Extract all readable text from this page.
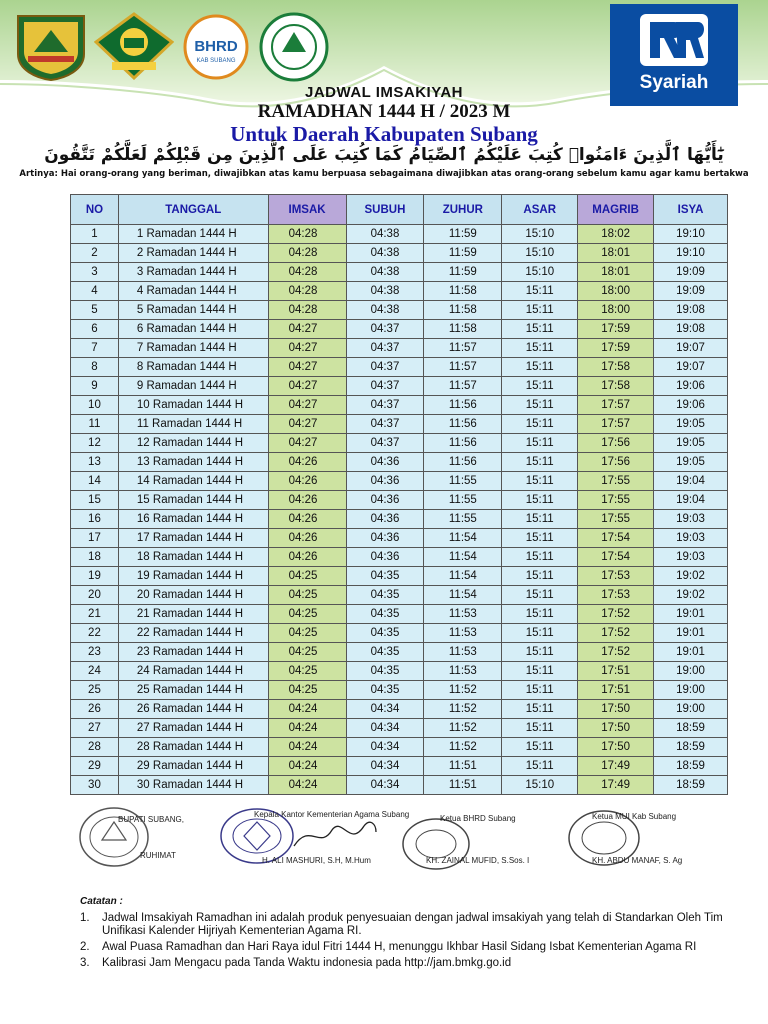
BHRD
KAB SUBANG
Syariah
JADWAL IMSAKIYAH
RAMADHAN 1444 H / 2023 M
Untuk Daerah Kabupaten Subang
يَٰٓأَيُّهَا ٱلَّذِينَ ءَامَنُوا۟ كُتِبَ عَلَيْكُمُ ٱلصِّيَامُ كَمَا كُتِبَ عَلَى ٱلَّذِينَ مِن قَبْلِكُمْ لَعَلَّكُمْ تَتَّقُونَ
Artinya: Hai orang-orang yang beriman, diwajibkan atas kamu berpuasa sebagaimana diwajibkan atas orang-orang sebelum kamu agar kamu bertakwa
NO	TANGGAL	IMSAK	SUBUH	ZUHUR	ASAR	MAGRIB	ISYA
1	1 Ramadan 1444 H	04:28	04:38	11:59	15:10	18:02	19:10
2	2 Ramadan 1444 H	04:28	04:38	11:59	15:10	18:01	19:10
3	3 Ramadan 1444 H	04:28	04:38	11:59	15:10	18:01	19:09
4	4 Ramadan 1444 H	04:28	04:38	11:58	15:11	18:00	19:09
5	5 Ramadan 1444 H	04:28	04:38	11:58	15:11	18:00	19:08
6	6 Ramadan 1444 H	04:27	04:37	11:58	15:11	17:59	19:08
7	7 Ramadan 1444 H	04:27	04:37	11:57	15:11	17:59	19:07
8	8 Ramadan 1444 H	04:27	04:37	11:57	15:11	17:58	19:07
9	9 Ramadan 1444 H	04:27	04:37	11:57	15:11	17:58	19:06
10	10 Ramadan 1444 H	04:27	04:37	11:56	15:11	17:57	19:06
11	11 Ramadan 1444 H	04:27	04:37	11:56	15:11	17:57	19:05
12	12 Ramadan 1444 H	04:27	04:37	11:56	15:11	17:56	19:05
13	13 Ramadan 1444 H	04:26	04:36	11:56	15:11	17:56	19:05
14	14 Ramadan 1444 H	04:26	04:36	11:55	15:11	17:55	19:04
15	15 Ramadan 1444 H	04:26	04:36	11:55	15:11	17:55	19:04
16	16 Ramadan 1444 H	04:26	04:36	11:55	15:11	17:55	19:03
17	17 Ramadan 1444 H	04:26	04:36	11:54	15:11	17:54	19:03
18	18 Ramadan 1444 H	04:26	04:36	11:54	15:11	17:54	19:03
19	19 Ramadan 1444 H	04:25	04:35	11:54	15:11	17:53	19:02
20	20 Ramadan 1444 H	04:25	04:35	11:54	15:11	17:53	19:02
21	21 Ramadan 1444 H	04:25	04:35	11:53	15:11	17:52	19:01
22	22 Ramadan 1444 H	04:25	04:35	11:53	15:11	17:52	19:01
23	23 Ramadan 1444 H	04:25	04:35	11:53	15:11	17:52	19:01
24	24 Ramadan 1444 H	04:25	04:35	11:53	15:11	17:51	19:00
25	25 Ramadan 1444 H	04:25	04:35	11:52	15:11	17:51	19:00
26	26 Ramadan 1444 H	04:24	04:34	11:52	15:11	17:50	19:00
27	27 Ramadan 1444 H	04:24	04:34	11:52	15:11	17:50	18:59
28	28 Ramadan 1444 H	04:24	04:34	11:52	15:11	17:50	18:59
29	29 Ramadan 1444 H	04:24	04:34	11:51	15:11	17:49	18:59
30	30 Ramadan 1444 H	04:24	04:34	11:51	15:10	17:49	18:59
BUPATI SUBANG,
RUHIMAT
Kepala Kantor Kementerian Agama Subang
H. ALI MASHURI, S.H, M.Hum
Ketua BHRD Subang
KH. ZAINAL MUFID, S.Sos. I
Ketua MUI Kab Subang
KH. ABDU MANAF, S. Ag
Catatan :
1.	Jadwal Imsakiyah Ramadhan ini adalah produk penyesuaian dengan jadwal imsakiyah yang telah di Standarkan Oleh Tim Unifikasi Kalender Hijriyah Kementerian Agama RI.
2.	Awal Puasa Ramadhan dan Hari Raya idul Fitri 1444 H, menunggu Ikhbar Hasil Sidang Isbat Kementerian Agama RI
3.	Kalibrasi Jam Mengacu pada Tanda Waktu indonesia pada http://jam.bmkg.go.id
